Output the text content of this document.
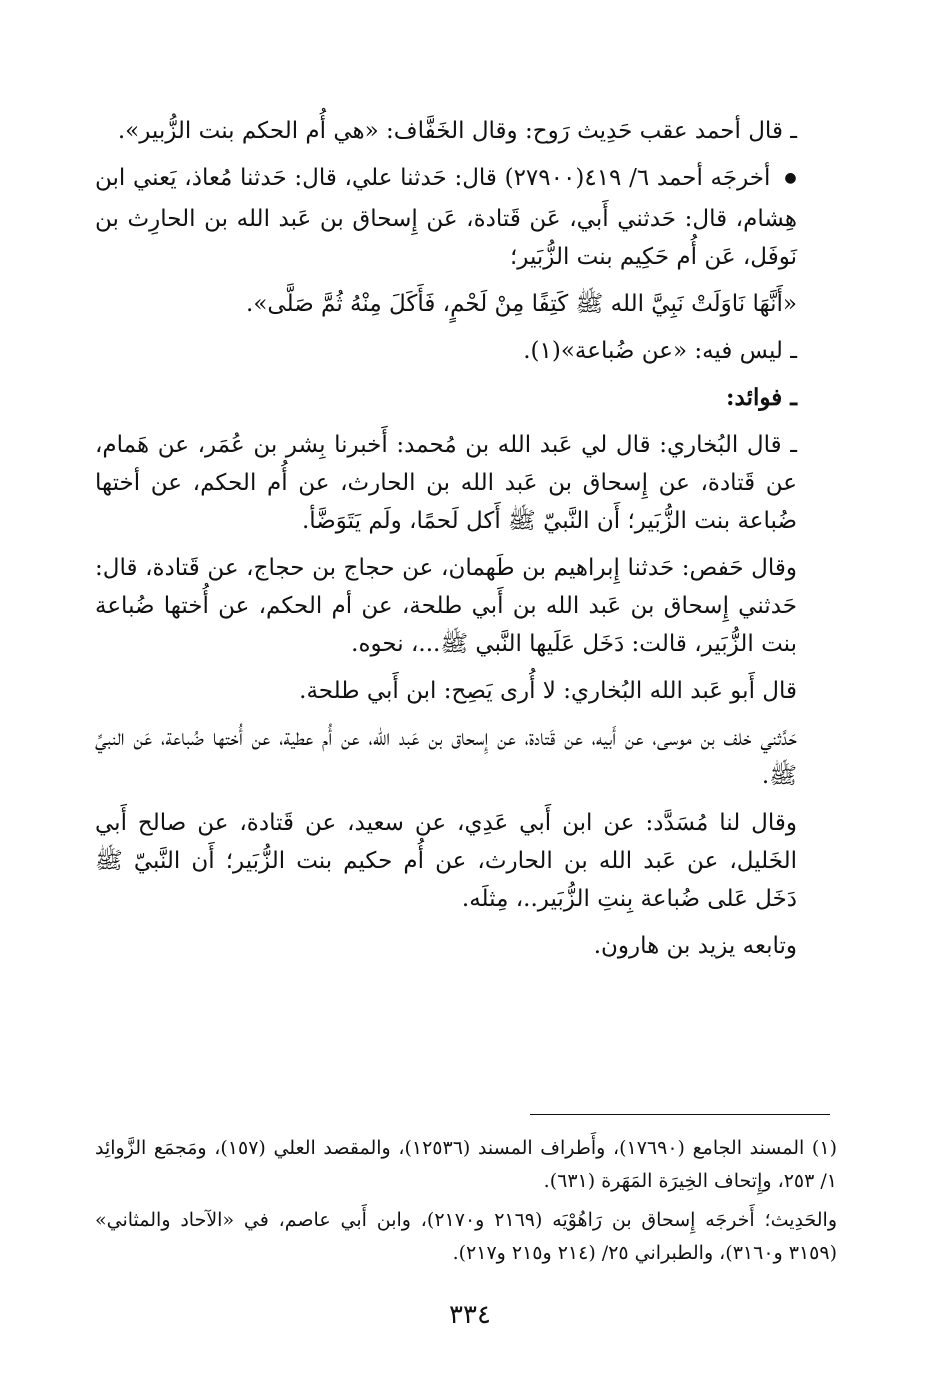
ـ قال أحمد عقب حَدِيث رَوح: وقال الخَفَّاف: «هي أُم الحكم بنت الزُّبير».

● أخرجَه أحمد ٦/ ٤١٩(٢٧٩٠٠) قال: حَدثنا علي، قال: حَدثنا مُعاذ، يَعني ابن هِشام، قال: حَدثني أَبي، عَن قَتادة، عَن إِسحاق بن عَبد الله بن الحارِث بن نَوفَل، عَن أُم حَكِيم بنت الزُّبَير؛

«أَنَّهَا نَاوَلَتْ نَبِيَّ الله ﷺ كَتِفًا مِنْ لَحْمٍ، فَأَكَلَ مِنْهُ ثُمَّ صَلَّى».

ـ ليس فيه: «عن ضُباعة»(١).

ـ فوائد:

ـ قال البُخاري: قال لي عَبد الله بن مُحمد: أَخبرنا بِشر بن عُمَر، عن هَمام، عن قَتادة، عن إِسحاق بن عَبد الله بن الحارث، عن أُم الحكم، عن أختها ضُباعة بنت الزُّبَير؛ أَن النَّبيّ ﷺ أَكل لَحمًا، ولَم يَتَوَضَّأ.

وقال حَفص: حَدثنا إِبراهيم بن طَهمان، عن حجاج بن حجاج، عن قَتادة، قال: حَدثني إِسحاق بن عَبد الله بن أَبي طلحة، عن أم الحكم، عن أُختها ضُباعة بنت الزُّبَير، قالت: دَخَل عَلَيها النَّبي ﷺ...، نحوه.

قال أَبو عَبد الله البُخاري: لا أُرى يَصِح: ابن أَبي طلحة.

حَدَّثني خلف بن موسى، عن أَبيه، عن قَتادة، عن إِسحاق بن عَبد الله، عن أُم عطية، عن أُختها ضُباعة، عَن النبيِّ ﷺ.

وقال لنا مُسَدَّد: عن ابن أَبي عَدِي، عن سعيد، عن قَتادة، عن صالح أَبي الخَليل، عن عَبد الله بن الحارث، عن أُم حكيم بنت الزُّبَير؛ أَن النَّبيّ ﷺ دَخَل عَلى ضُباعة بِنتِ الزُّبَير..، مِثلَه.

وتابعه يزيد بن هارون.

(١) المسند الجامع (١٧٦٩٠)، وأَطراف المسند (١٢٥٣٦)، والمقصد العلي (١٥٧)، ومَجمَع الزَّوائِد ١/ ٢٥٣، وإِتحاف الخِيرَة المَهَرة (٦٣١).

والحَدِيث؛ أَخرجَه إِسحاق بن رَاهُوْيَه (٢١٦٩ و٢١٧٠)، وابن أَبي عاصم، في «الآحاد والمثاني» (٣١٥٩ و٣١٦٠)، والطبراني ٢٥/ (٢١٤ و٢١٥ و٢١٧).

٣٣٤
